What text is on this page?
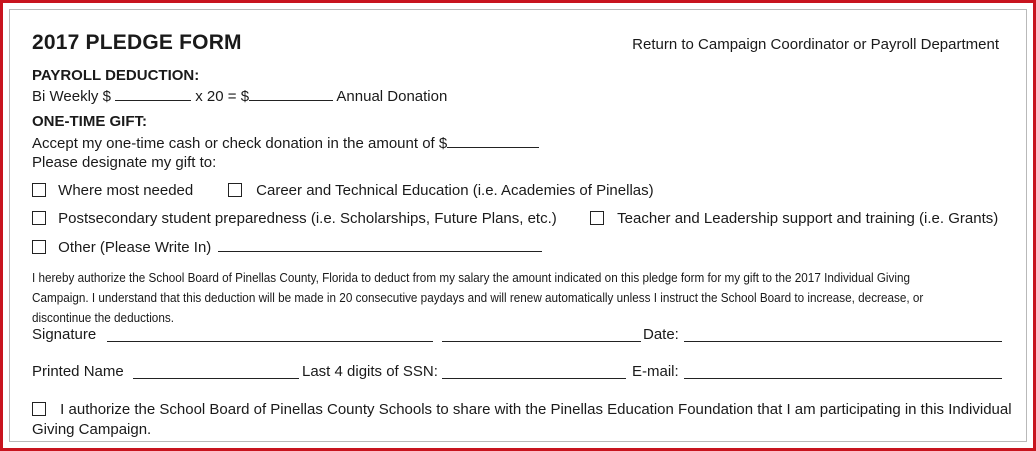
2017 PLEDGE FORM	Return to Campaign Coordinator or Payroll Department
PAYROLL DEDUCTION:
Bi Weekly $	x 20 = $	Annual Donation
ONE-TIME GIFT:
Accept my one-time cash or check donation in the amount of $
Please designate my gift to:
Where most needed	Career and Technical Education (i.e. Academies of Pinellas)
Postsecondary student preparedness (i.e. Scholarships, Future Plans, etc.)	Teacher and Leadership support and training (i.e. Grants)
Other (Please Write In)
I hereby authorize the School Board of Pinellas County, Florida to deduct from my salary the amount indicated on this pledge form for my gift to the 2017 Individual Giving Campaign. I understand that this deduction will be made in 20 consecutive paydays and will renew automatically unless I instruct the School Board to increase, decrease, or discontinue the deductions.
Signature	Date:
Printed Name	Last 4 digits of SSN:	E-mail:
I authorize the School Board of Pinellas County Schools to share with the Pinellas Education Foundation that I am participating in this Individual Giving Campaign.
